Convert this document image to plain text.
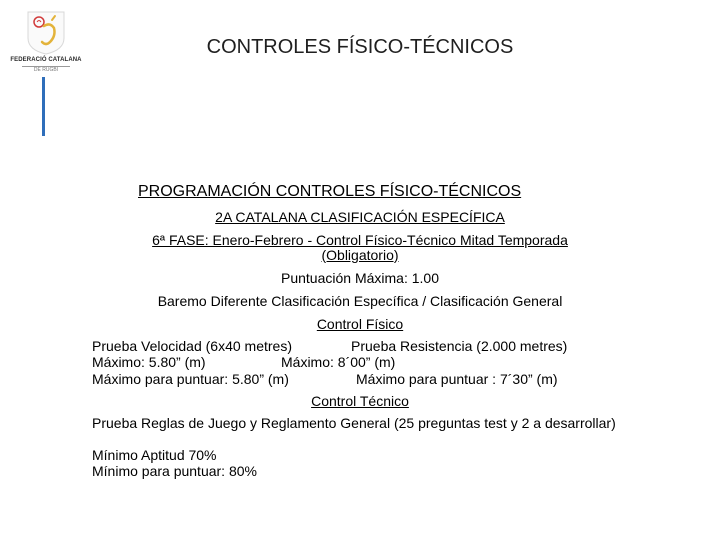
FEDERACIÓ CATALANA
DE RUGBI
CONTROLES FÍSICO-TÉCNICOS
PROGRAMACIÓN CONTROLES FÍSICO-TÉCNICOS
2A CATALANA CLASIFICACIÓN ESPECÍFICA
6ª FASE: Enero-Febrero - Control Físico-Técnico Mitad Temporada
(Obligatorio)
Puntuación Máxima: 1.00
Baremo Diferente Clasificación Específica / Clasificación General
Control Físico
Prueba Velocidad (6x40 metres)	Prueba Resistencia (2.000 metres)
Máximo: 5.80” (m)	Máximo: 8´00” (m)
Máximo para puntuar: 5.80” (m)	Máximo para puntuar : 7´30” (m)
Control Técnico
Prueba Reglas de Juego y Reglamento General (25 preguntas test y 2 a desarrollar)
Mínimo Aptitud 70%
Mínimo para puntuar: 80%
